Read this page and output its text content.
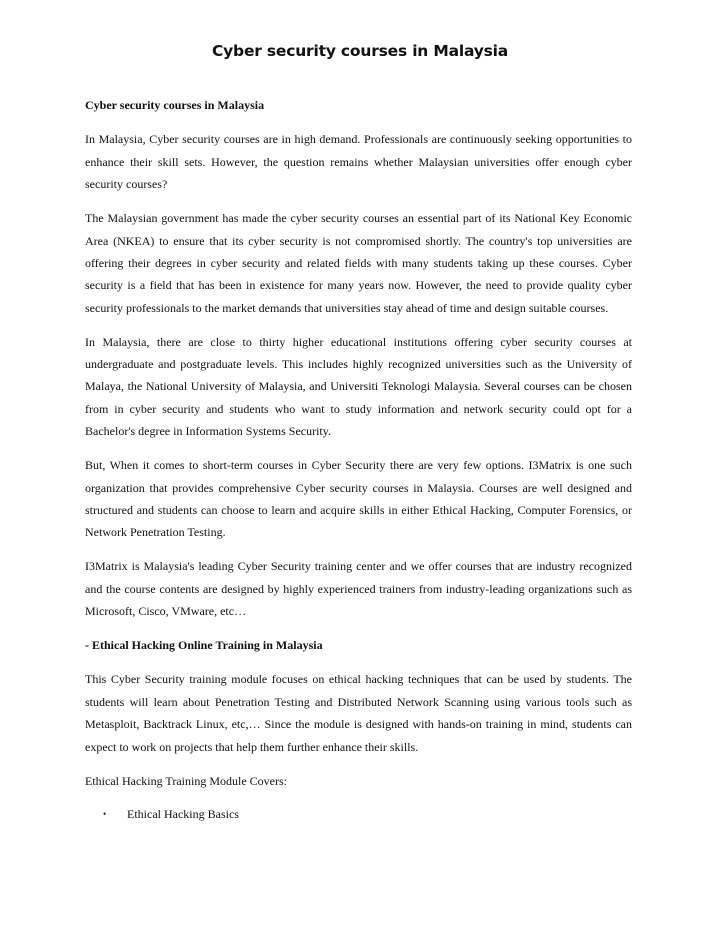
Cyber security courses in Malaysia

Cyber security courses in Malaysia

In Malaysia, Cyber security courses are in high demand. Professionals are continuously seeking opportunities to enhance their skill sets. However, the question remains whether Malaysian universities offer enough cyber security courses?

The Malaysian government has made the cyber security courses an essential part of its National Key Economic Area (NKEA) to ensure that its cyber security is not compromised shortly. The country's top universities are offering their degrees in cyber security and related fields with many students taking up these courses. Cyber security is a field that has been in existence for many years now. However, the need to provide quality cyber security professionals to the market demands that universities stay ahead of time and design suitable courses.

In Malaysia, there are close to thirty higher educational institutions offering cyber security courses at undergraduate and postgraduate levels. This includes highly recognized universities such as the University of Malaya, the National University of Malaysia, and Universiti Teknologi Malaysia. Several courses can be chosen from in cyber security and students who want to study information and network security could opt for a Bachelor's degree in Information Systems Security.

But, When it comes to short-term courses in Cyber Security there are very few options. I3Matrix is one such organization that provides comprehensive Cyber security courses in Malaysia. Courses are well designed and structured and students can choose to learn and acquire skills in either Ethical Hacking, Computer Forensics, or Network Penetration Testing.

I3Matrix is Malaysia's leading Cyber Security training center and we offer courses that are industry recognized and the course contents are designed by highly experienced trainers from industry-leading organizations such as Microsoft, Cisco, VMware, etc…

- Ethical Hacking Online Training in Malaysia

This Cyber Security training module focuses on ethical hacking techniques that can be used by students. The students will learn about Penetration Testing and Distributed Network Scanning using various tools such as Metasploit, Backtrack Linux, etc,… Since the module is designed with hands-on training in mind, students can expect to work on projects that help them further enhance their skills.

Ethical Hacking Training Module Covers:

• Ethical Hacking Basics
